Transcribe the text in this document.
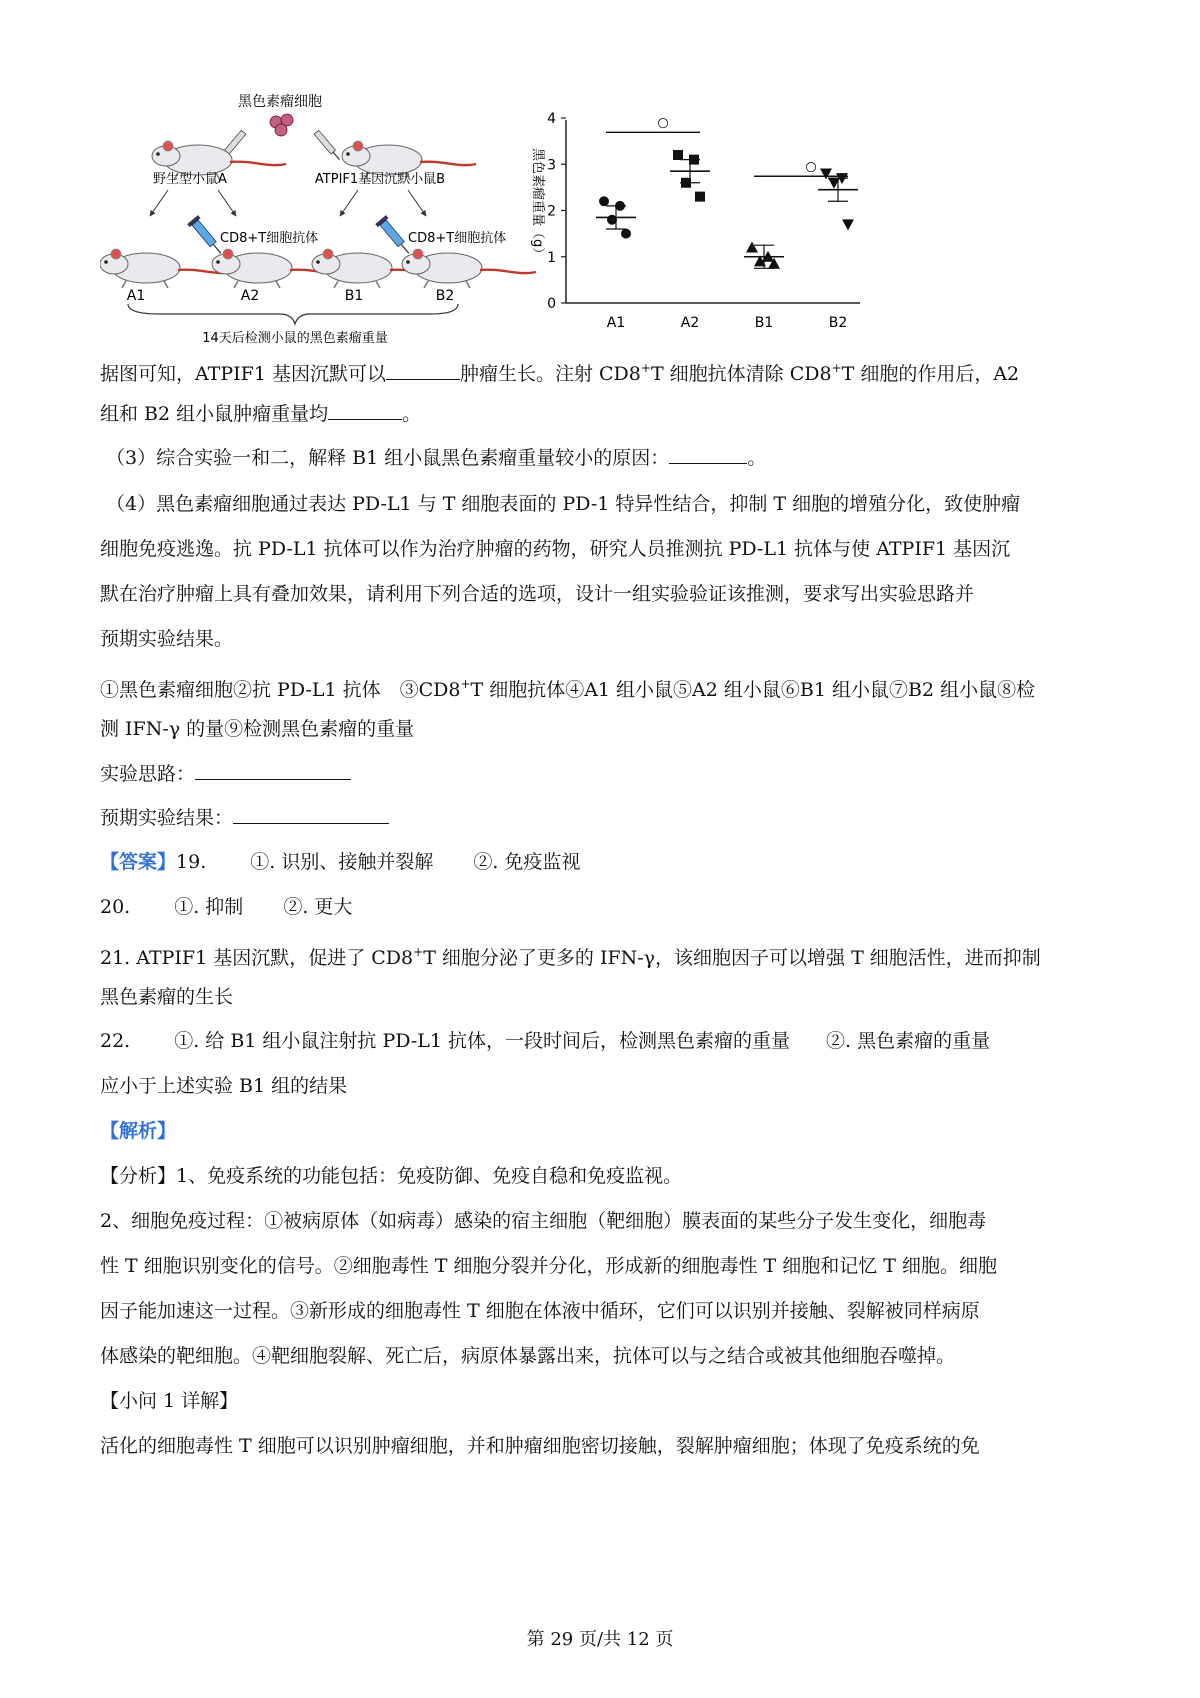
黑色素瘤细胞
野生型小鼠A	ATPIF1基因沉默小鼠B
CD8+T细胞抗体	CD8+T细胞抗体
A1	A2	B1	B2
14天后检测小鼠的黑色素瘤重量
黑色素瘤重量（g）
0
1
2
3
4
A1	A2	B1	B2
○
○
据图可知，ATPIF1 基因沉默可以	肿瘤生长。注射 CD8+T 细胞抗体清除 CD8+T 细胞的作用后，A2
组和 B2 组小鼠肿瘤重量均	。
（3）综合实验一和二，解释 B1 组小鼠黑色素瘤重量较小的原因：	。
（4）黑色素瘤细胞通过表达 PD-L1 与 T 细胞表面的 PD-1 特异性结合，抑制 T 细胞的增殖分化，致使肿瘤
细胞免疫逃逸。抗 PD-L1 抗体可以作为治疗肿瘤的药物，研究人员推测抗 PD-L1 抗体与使 ATPIF1 基因沉
默在治疗肿瘤上具有叠加效果，请利用下列合适的选项，设计一组实验验证该推测，要求写出实验思路并
预期实验结果。
①黑色素瘤细胞②抗 PD-L1 抗体　③CD8+T 细胞抗体④A1 组小鼠⑤A2 组小鼠⑥B1 组小鼠⑦B2 组小鼠⑧检
测 IFN-γ 的量⑨检测黑色素瘤的重量
实验思路：
预期实验结果：
【答案】19. ①. 识别、接触并裂解 ②. 免疫监视
20. ①. 抑制 ②. 更大
21. ATPIF1 基因沉默，促进了 CD8+T 细胞分泌了更多的 IFN-γ，该细胞因子可以增强 T 细胞活性，进而抑制
黑色素瘤的生长
22. ①. 给 B1 组小鼠注射抗 PD-L1 抗体，一段时间后，检测黑色素瘤的重量 ②. 黑色素瘤的重量
应小于上述实验 B1 组的结果
【解析】
【分析】1、免疫系统的功能包括：免疫防御、免疫自稳和免疫监视。
2、细胞免疫过程：①被病原体（如病毒）感染的宿主细胞（靶细胞）膜表面的某些分子发生变化，细胞毒
性 T 细胞识别变化的信号。②细胞毒性 T 细胞分裂并分化，形成新的细胞毒性 T 细胞和记忆 T 细胞。细胞
因子能加速这一过程。③新形成的细胞毒性 T 细胞在体液中循环，它们可以识别并接触、裂解被同样病原
体感染的靶细胞。④靶细胞裂解、死亡后，病原体暴露出来，抗体可以与之结合或被其他细胞吞噬掉。
【小问 1 详解】
活化的细胞毒性 T 细胞可以识别肿瘤细胞，并和肿瘤细胞密切接触，裂解肿瘤细胞；体现了免疫系统的免
第 29 页/共 12 页
